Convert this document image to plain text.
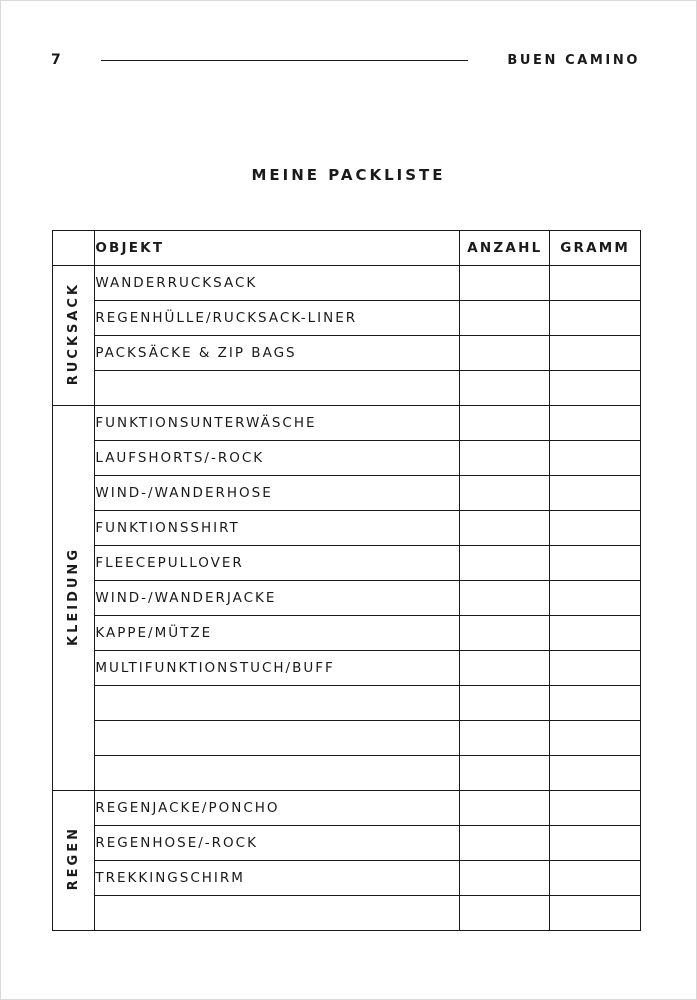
7	BUEN CAMINO
MEINE PACKLISTE
	OBJEKT	ANZAHL	GRAMM
RUCKSACK	WANDERRUCKSACK		
	REGENHÜLLE/RUCKSACK-LINER		
	PACKSÄCKE & ZIP BAGS		

KLEIDUNG	FUNKTIONSUNTERWÄSCHE		
	LAUFSHORTS/-ROCK		
	WIND-/WANDERHOSE		
	FUNKTIONSSHIRT		
	FLEECEPULLOVER		
	WIND-/WANDERJACKE		
	KAPPE/MÜTZE		
	MULTIFUNKTIONSTUCH/BUFF		

REGEN	REGENJACKE/PONCHO		
	REGENHOSE/-ROCK		
	TREKKINGSCHIRM		
